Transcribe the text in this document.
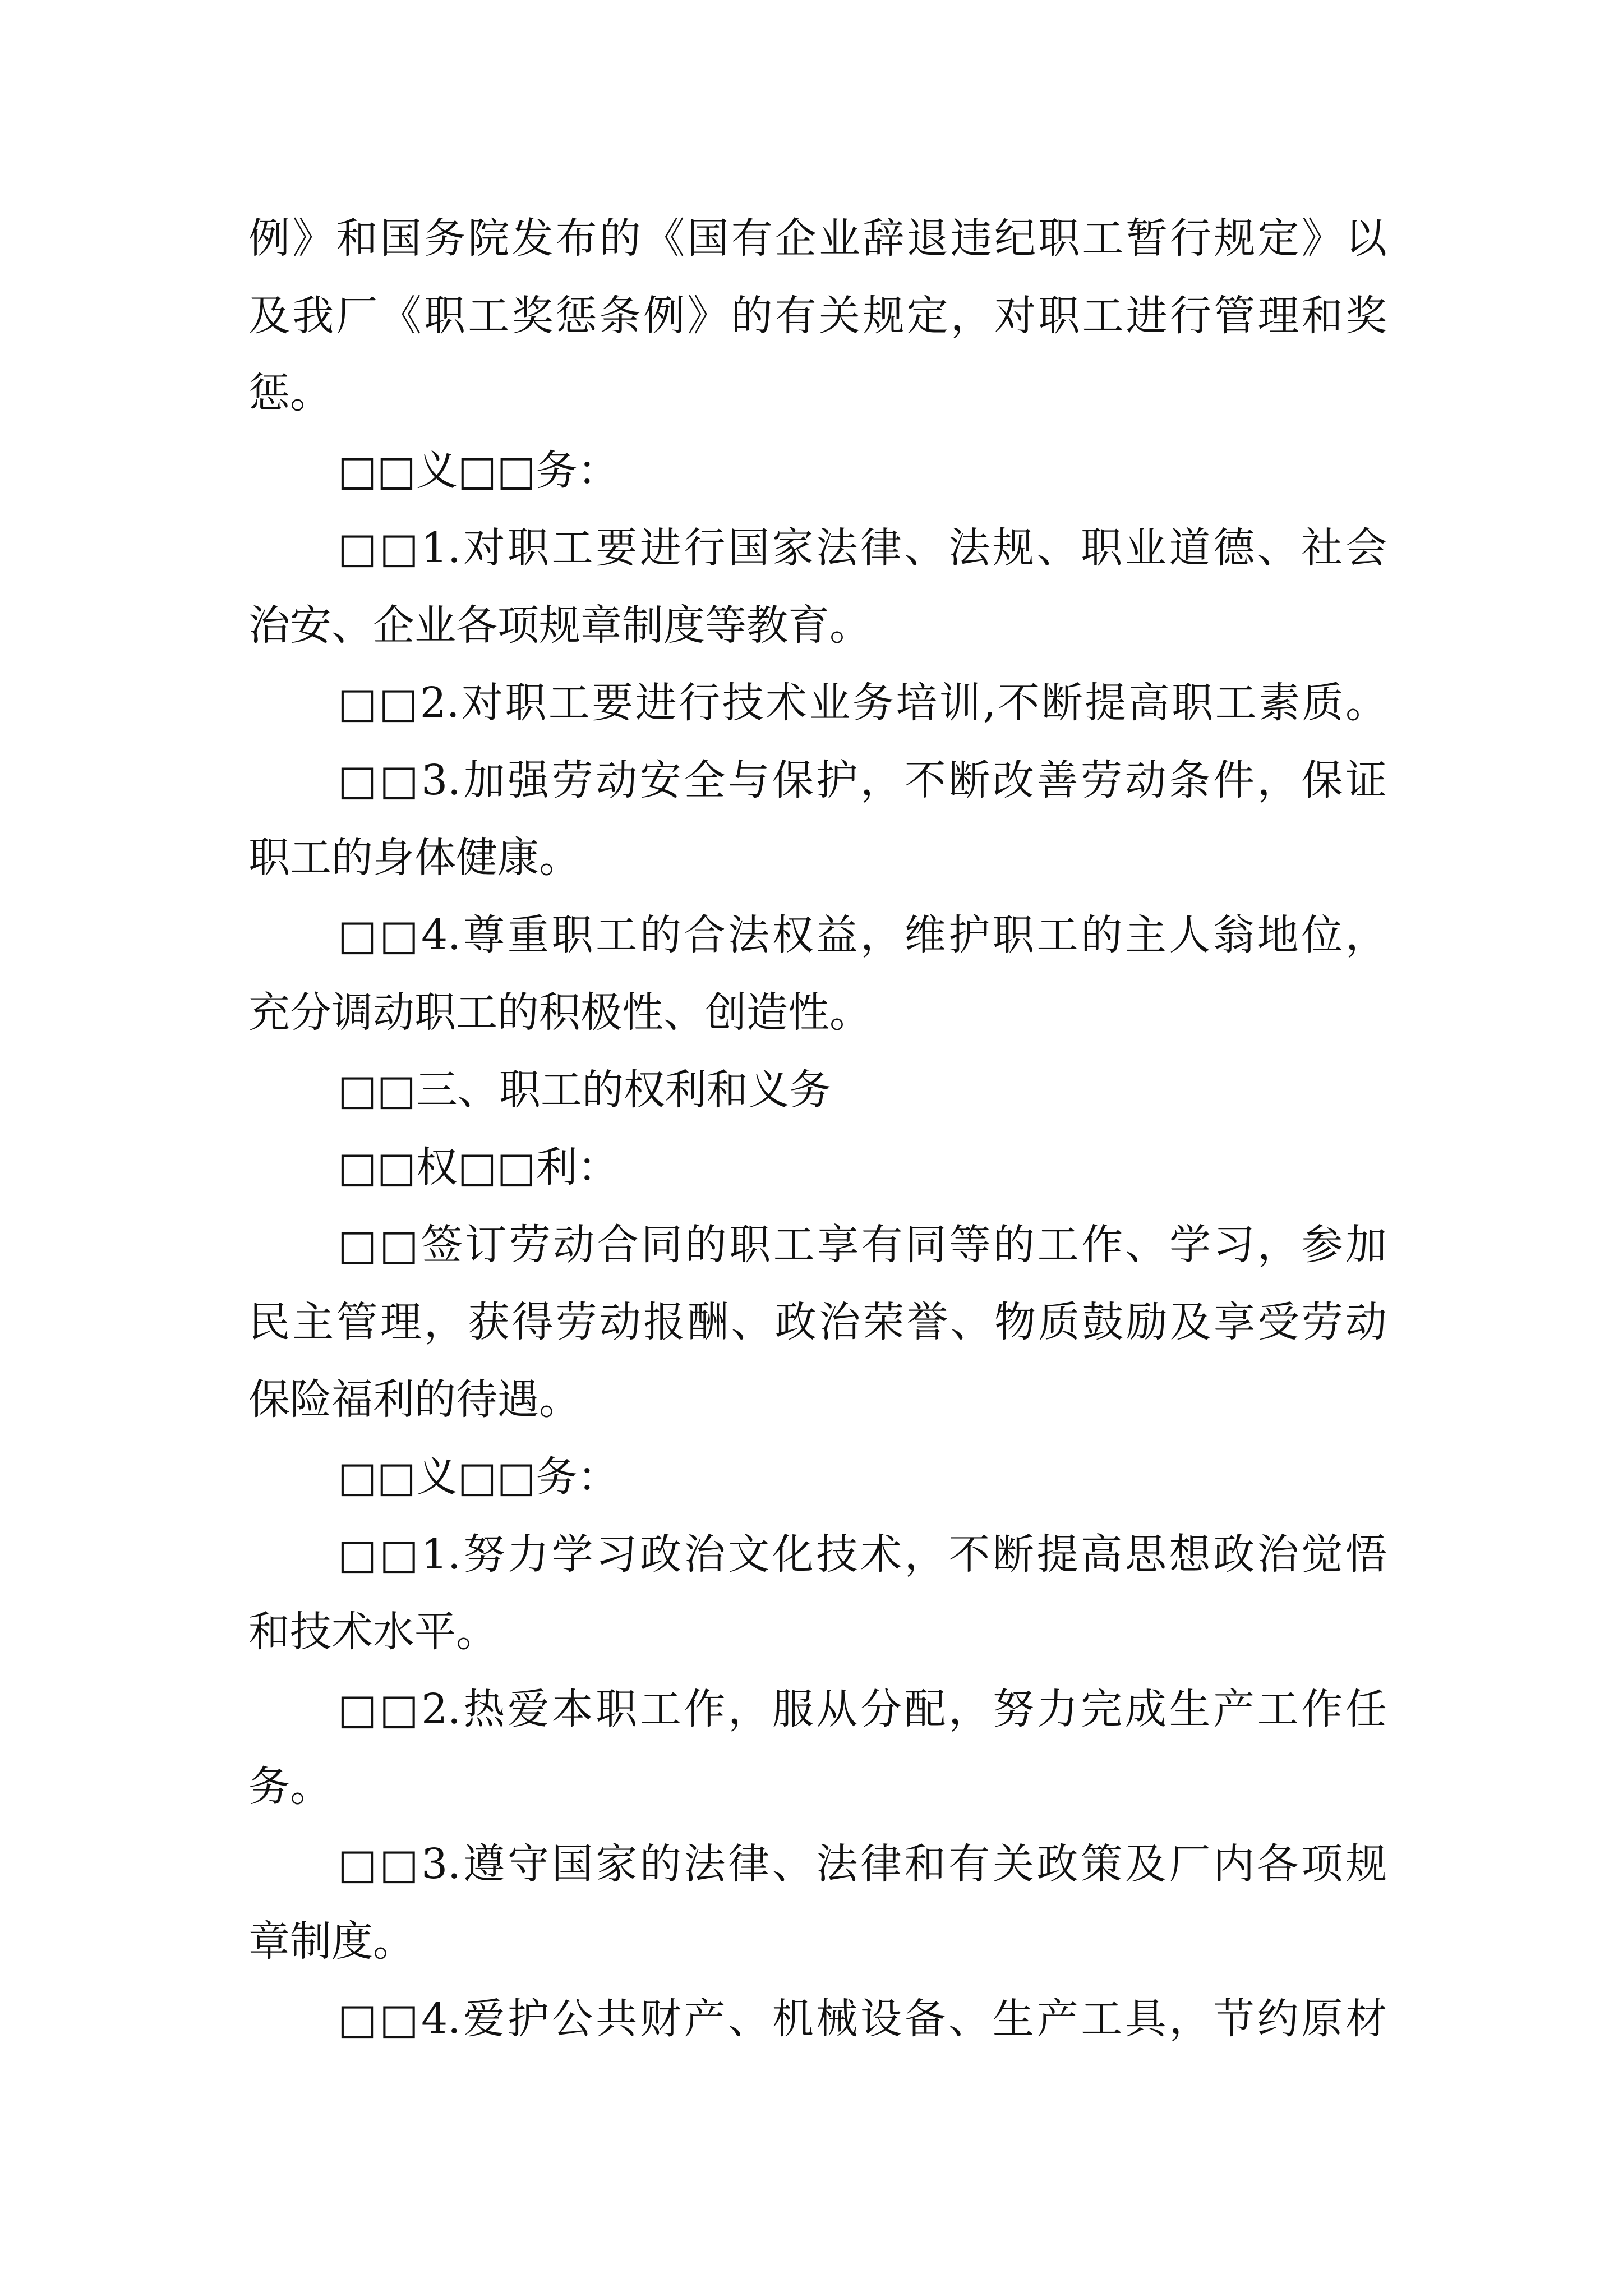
例》和国务院发布的《国有企业辞退违纪职工暂行规定》以
及我厂《职工奖惩条例》的有关规定，对职工进行管理和奖
惩。
□□义□□务：
□□1.对职工要进行国家法律、法规、职业道德、社会
治安、企业各项规章制度等教育。
□□2.对职工要进行技术业务培训,不断提高职工素质。
□□3.加强劳动安全与保护，不断改善劳动条件，保证
职工的身体健康。
□□4.尊重职工的合法权益，维护职工的主人翁地位，
充分调动职工的积极性、创造性。
□□三、职工的权利和义务
□□权□□利：
□□签订劳动合同的职工享有同等的工作、学习，参加
民主管理，获得劳动报酬、政治荣誉、物质鼓励及享受劳动
保险福利的待遇。
□□义□□务：
□□1.努力学习政治文化技术，不断提高思想政治觉悟
和技术水平。
□□2.热爱本职工作，服从分配，努力完成生产工作任
务。
□□3.遵守国家的法律、法律和有关政策及厂内各项规
章制度。
□□4.爱护公共财产、机械设备、生产工具，节约原材
